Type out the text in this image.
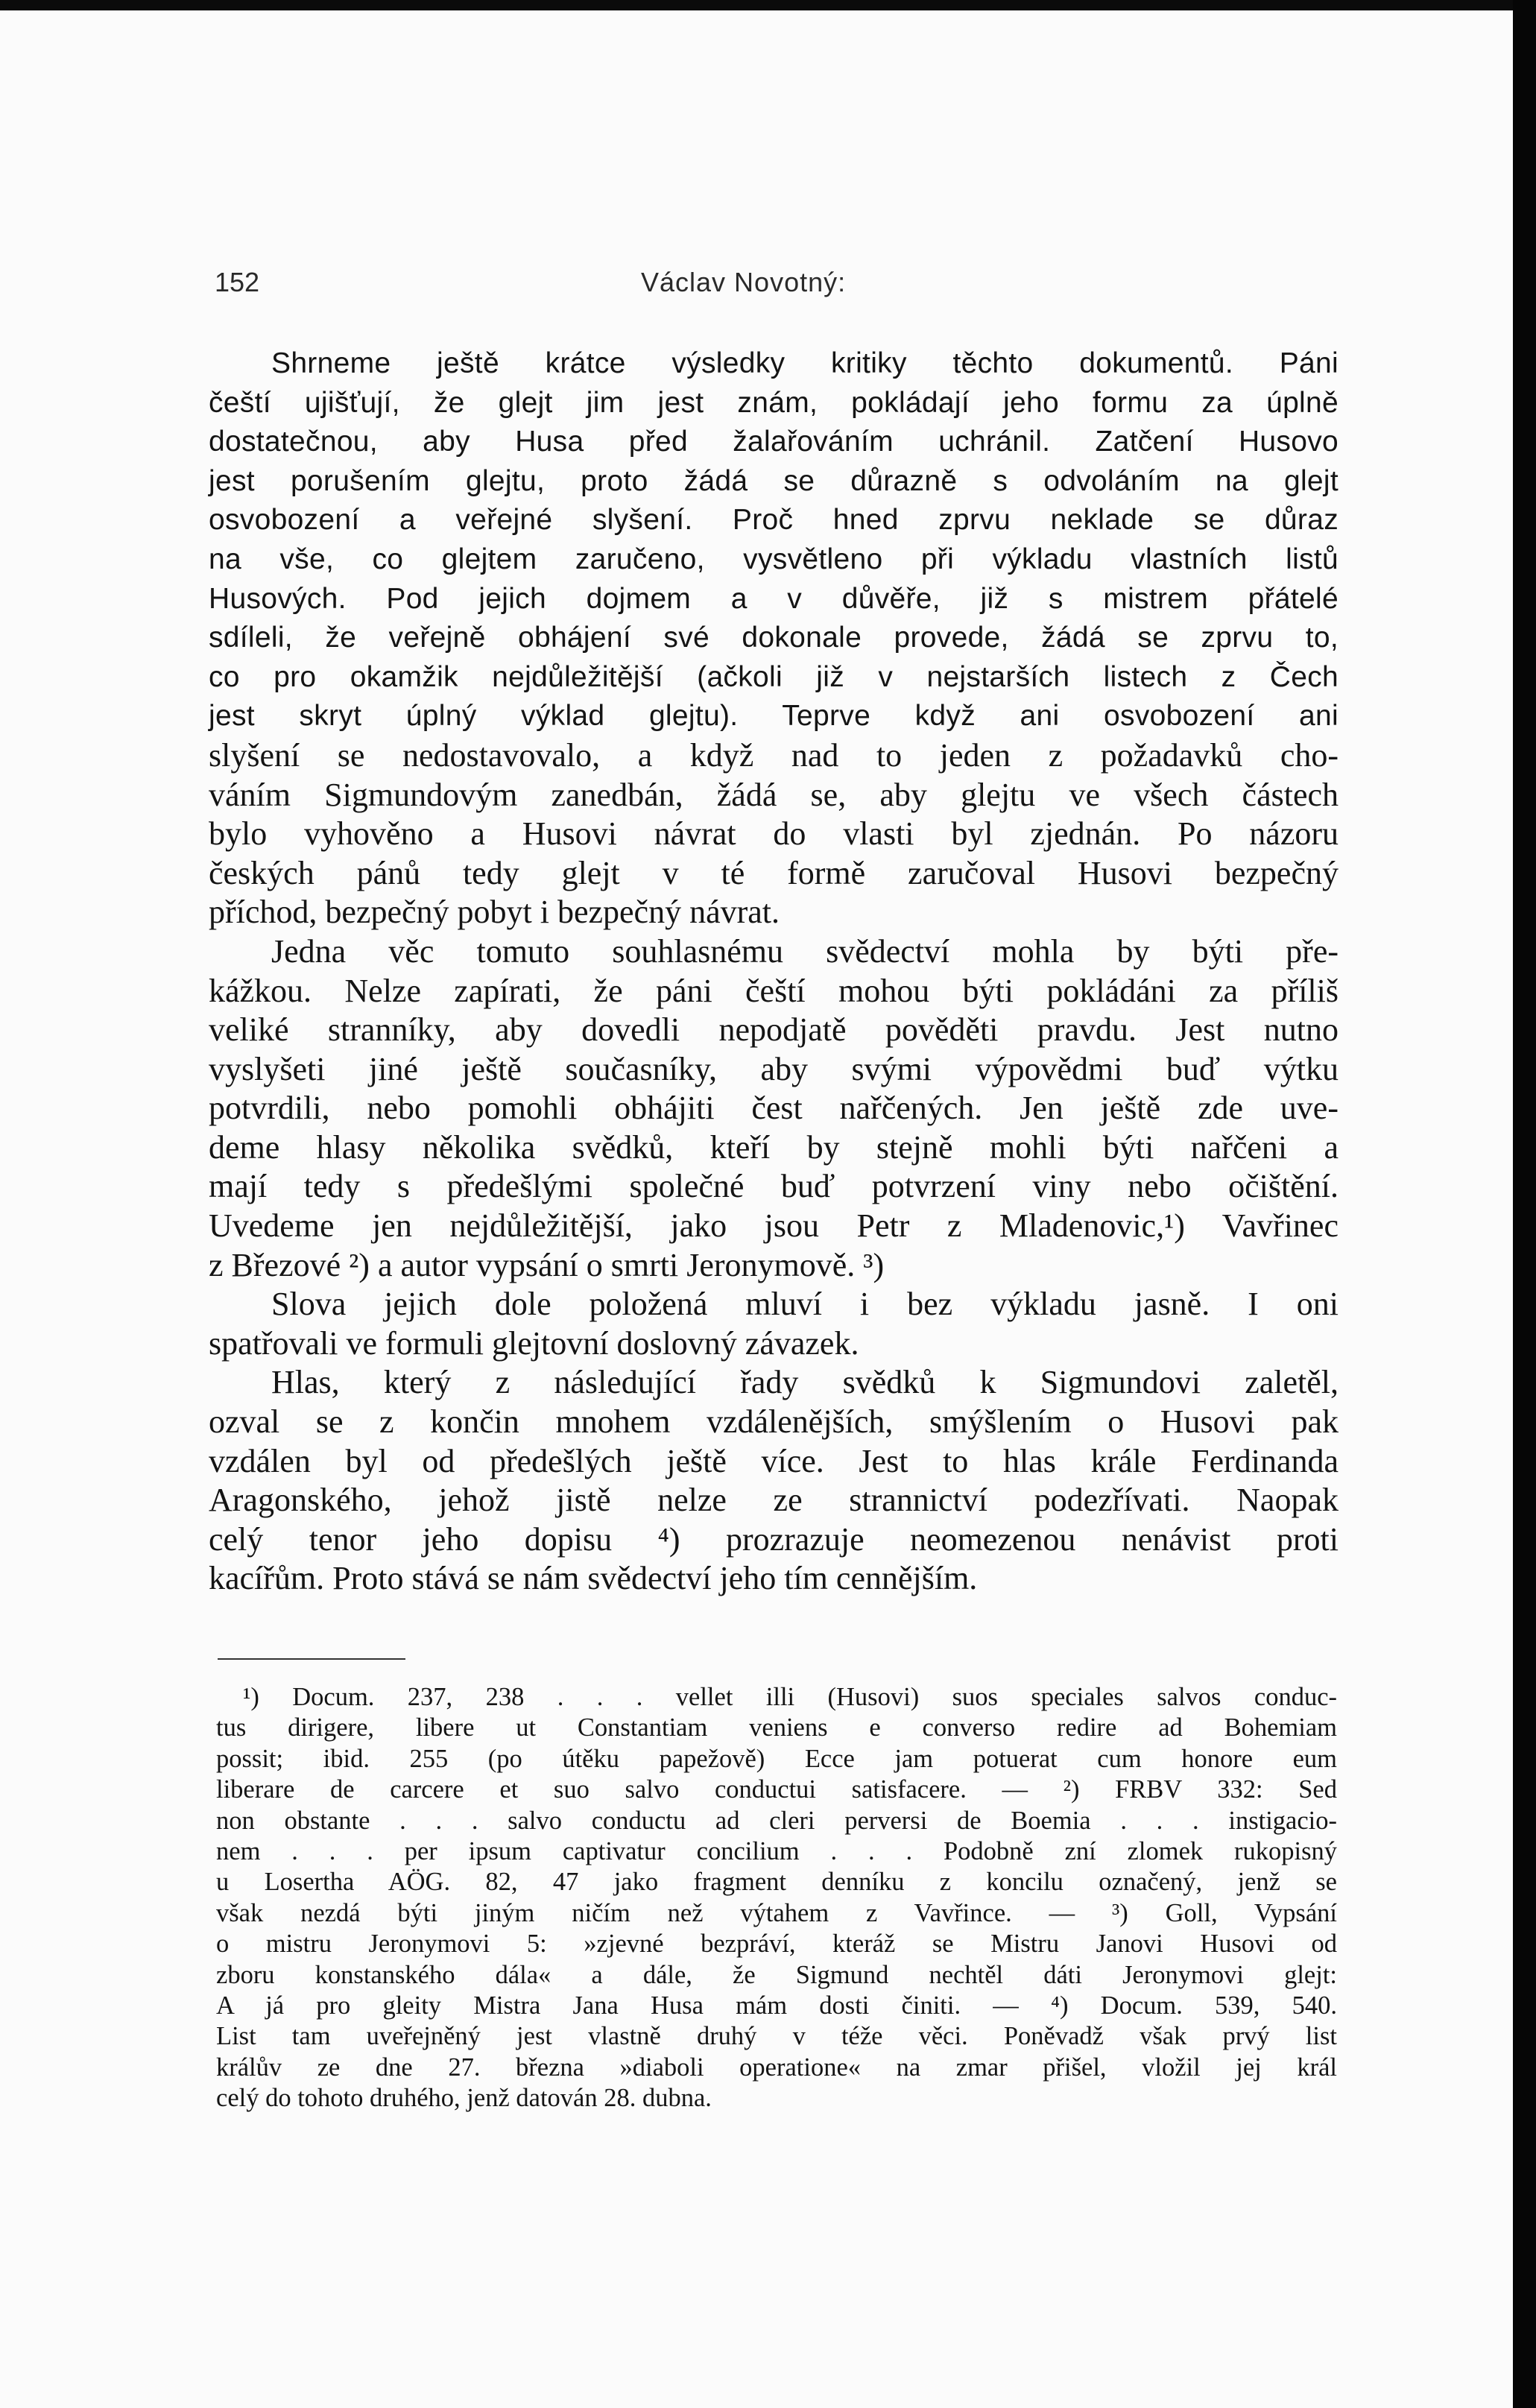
152	Václav Novotný:
Shrneme ještě krátce výsledky kritiky těchto dokumentů. Páni
čeští ujišťují, že glejt jim jest znám, pokládají jeho formu za úplně
dostatečnou, aby Husa před žalařováním uchránil. Zatčení Husovo
jest porušením glejtu, proto žádá se důrazně s odvoláním na glejt
osvobození a veřejné slyšení. Proč hned zprvu neklade se důraz
na vše, co glejtem zaručeno, vysvětleno při výkladu vlastních listů
Husových. Pod jejich dojmem a v důvěře, již s mistrem přátelé
sdíleli, že veřejně obhájení své dokonale provede, žádá se zprvu to,
co pro okamžik nejdůležitější (ačkoli již v nejstarších listech z Čech
jest skryt úplný výklad glejtu). Teprve když ani osvobození ani
slyšení se nedostavovalo, a když nad to jeden z požadavků cho-
váním Sigmundovým zanedbán, žádá se, aby glejtu ve všech částech
bylo vyhověno a Husovi návrat do vlasti byl zjednán. Po názoru
českých pánů tedy glejt v té formě zaručoval Husovi bezpečný
příchod, bezpečný pobyt i bezpečný návrat.
Jedna věc tomuto souhlasnému svědectví mohla by býti pře-
kážkou. Nelze zapírati, že páni čeští mohou býti pokládáni za příliš
veliké stranníky, aby dovedli nepodjatě pověděti pravdu. Jest nutno
vyslyšeti jiné ještě současníky, aby svými výpovědmi buď výtku
potvrdili, nebo pomohli obhájiti čest nařčených. Jen ještě zde uve-
deme hlasy několika svědků, kteří by stejně mohli býti nařčeni a
mají tedy s předešlými společné buď potvrzení viny nebo očištění.
Uvedeme jen nejdůležitější, jako jsou Petr z Mladenovic,¹) Vavřinec
z Březové ²) a autor vypsání o smrti Jeronymově. ³)
Slova jejich dole položená mluví i bez výkladu jasně. I oni
spatřovali ve formuli glejtovní doslovný závazek.
Hlas, který z následující řady svědků k Sigmundovi zaletěl,
ozval se z končin mnohem vzdálenějších, smýšlením o Husovi pak
vzdálen byl od předešlých ještě více. Jest to hlas krále Ferdinanda
Aragonského, jehož jistě nelze ze strannictví podezřívati. Naopak
celý tenor jeho dopisu ⁴) prozrazuje neomezenou nenávist proti
kacířům. Proto stává se nám svědectví jeho tím cennějším.
¹) Docum. 237, 238 . . . vellet illi (Husovi) suos speciales salvos conduc-
tus dirigere, libere ut Constantiam veniens e converso redire ad Bohemiam
possit; ibid. 255 (po útěku papežově) Ecce jam potuerat cum honore eum
liberare de carcere et suo salvo conductui satisfacere. — ²) FRBV 332: Sed
non obstante . . . salvo conductu ad cleri perversi de Boemia . . . instigacio-
nem . . . per ipsum captivatur concilium . . . Podobně zní zlomek rukopisný
u Losertha AÖG. 82, 47 jako fragment denníku z koncilu označený, jenž se
však nezdá býti jiným ničím než výtahem z Vavřince. — ³) Goll, Vypsání
o mistru Jeronymovi 5: »zjevné bezpráví, kteráž se Mistru Janovi Husovi od
zboru konstanského dála« a dále, že Sigmund nechtěl dáti Jeronymovi glejt:
A já pro gleity Mistra Jana Husa mám dosti činiti. — ⁴) Docum. 539, 540.
List tam uveřejněný jest vlastně druhý v téže věci. Poněvadž však prvý list
králův ze dne 27. března »diaboli operatione« na zmar přišel, vložil jej král
celý do tohoto druhého, jenž datován 28. dubna.
